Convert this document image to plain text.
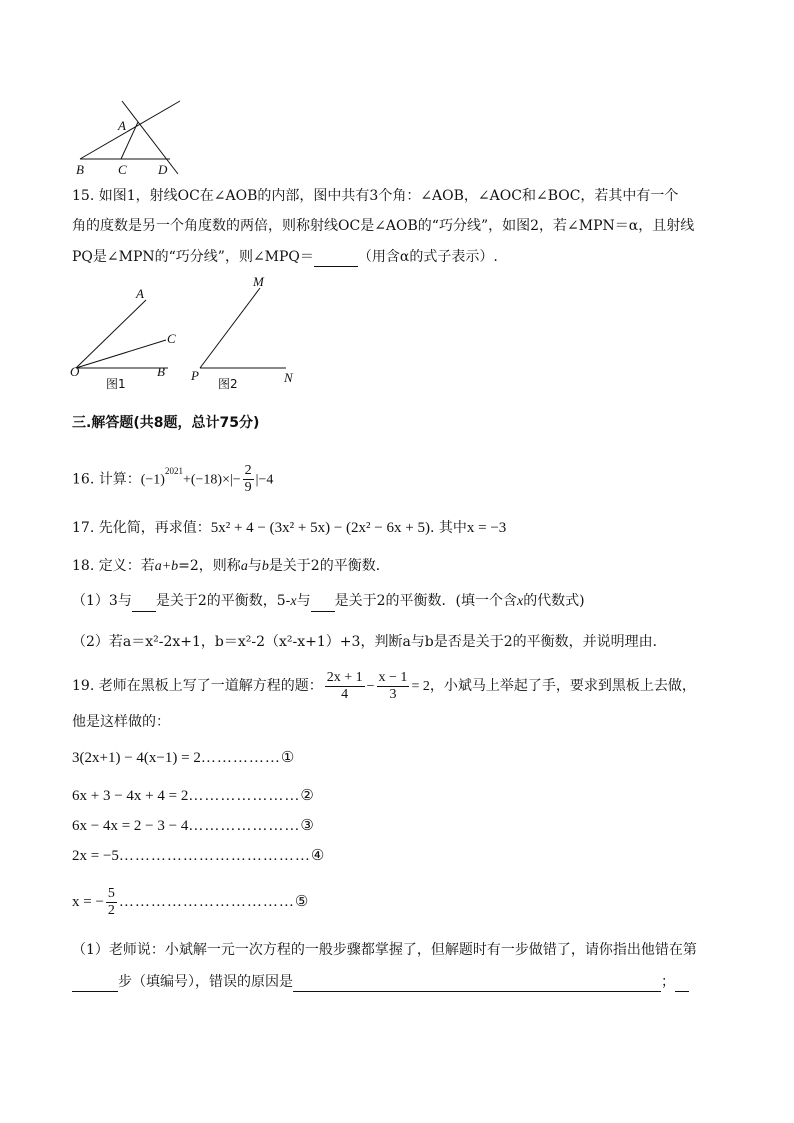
A
B	C D
15. 如图1，射线OC在∠AOB的内部，图中共有3个角：∠AOB，∠AOC和∠BOC，若其中有一个
角的度数是另一个角度数的两倍，则称射线OC是∠AOB的“巧分线”，如图2，若∠MPN＝α，且射线
PQ是∠MPN的“巧分线”，则∠MPQ＝	（用含α的式子表示）.
A
C
O	B
图1
M
P	N
图2
三.解答题(共8题，总计75分)
16. 计算：$(-1)^{2021}+(-18)\times|- \frac{2}{9} |-4$
17. 先化简，再求值：5x² + 4 − (3x² + 5x) − (2x² − 6x + 5). 其中x = −3
18. 定义：若a+b=2，则称a与b是关于2的平衡数．
（1）3与 是关于2的平衡数，5-x与 是关于2的平衡数．(填一个含x的代数式)
（2）若a＝x²-2x+1，b＝x²-2（x²-x+1）+3，判断a与b是否是关于2的平衡数，并说明理由．
19. 老师在黑板上写了一道解方程的题： $\frac{2x + 1}{4} - \frac{x - 1}{3} = 2$，小斌马上举起了手，要求到黑板上去做，
他是这样做的：
3(2x+1) − 4(x−1) = 2……………①
6x + 3 − 4x + 4 = 2…………………②
6x − 4x = 2 − 3 − 4…………………③
2x = −5………………………………④
x = − $\frac{5}{2}$ ……………………………⑤
（1）老师说：小斌解一元一次方程的一般步骤都掌握了，但解题时有一步做错了，请你指出他错在第
步（填编号），错误的原因是	；
